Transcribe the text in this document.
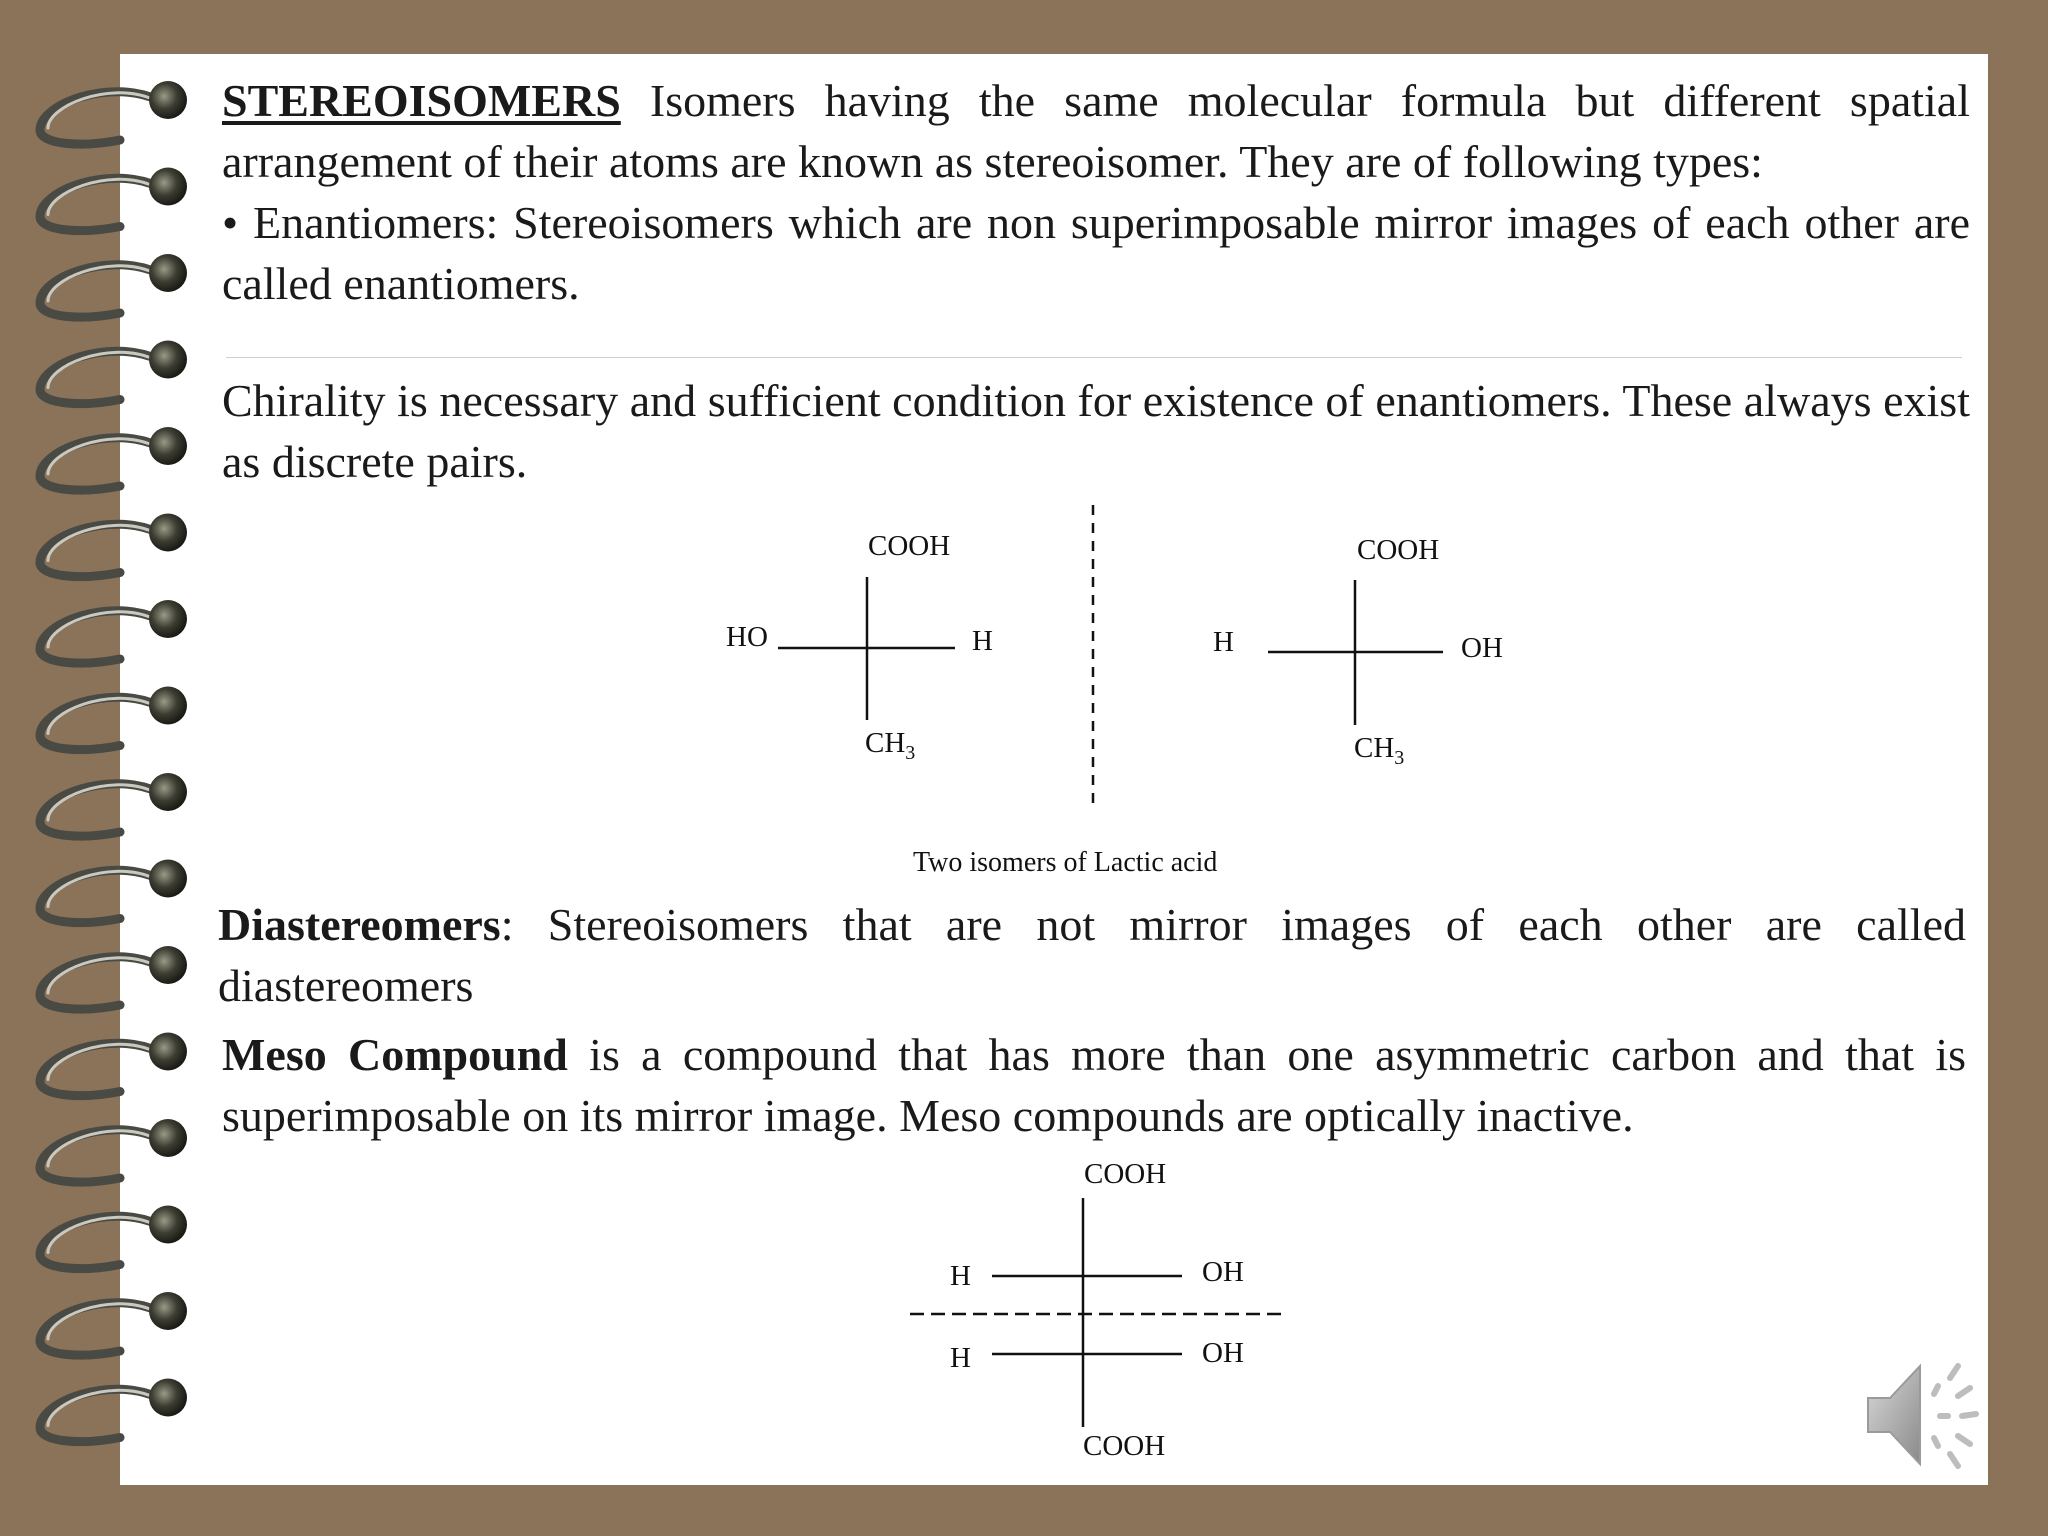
STEREOISOMERS Isomers having the same molecular formula but different spatial arrangement of their atoms are known as stereoisomer. They are of following types:

• Enantiomers: Stereoisomers which are non superimposable mirror images of each other are called enantiomers.

Chirality is necessary and sufficient condition for existence of enantiomers. These always exist as discrete pairs.

COOH
HO	H
$CH_3$
COOH
H	OH
$CH_3$
Two isomers of Lactic acid
COOH
COOH
H	OH
H	OH

Diastereomers: Stereoisomers that are not mirror images of each other are called diastereomers

Meso Compound is a compound that has more than one asymmetric carbon and that is superimposable on its mirror image. Meso compounds are optically inactive.
